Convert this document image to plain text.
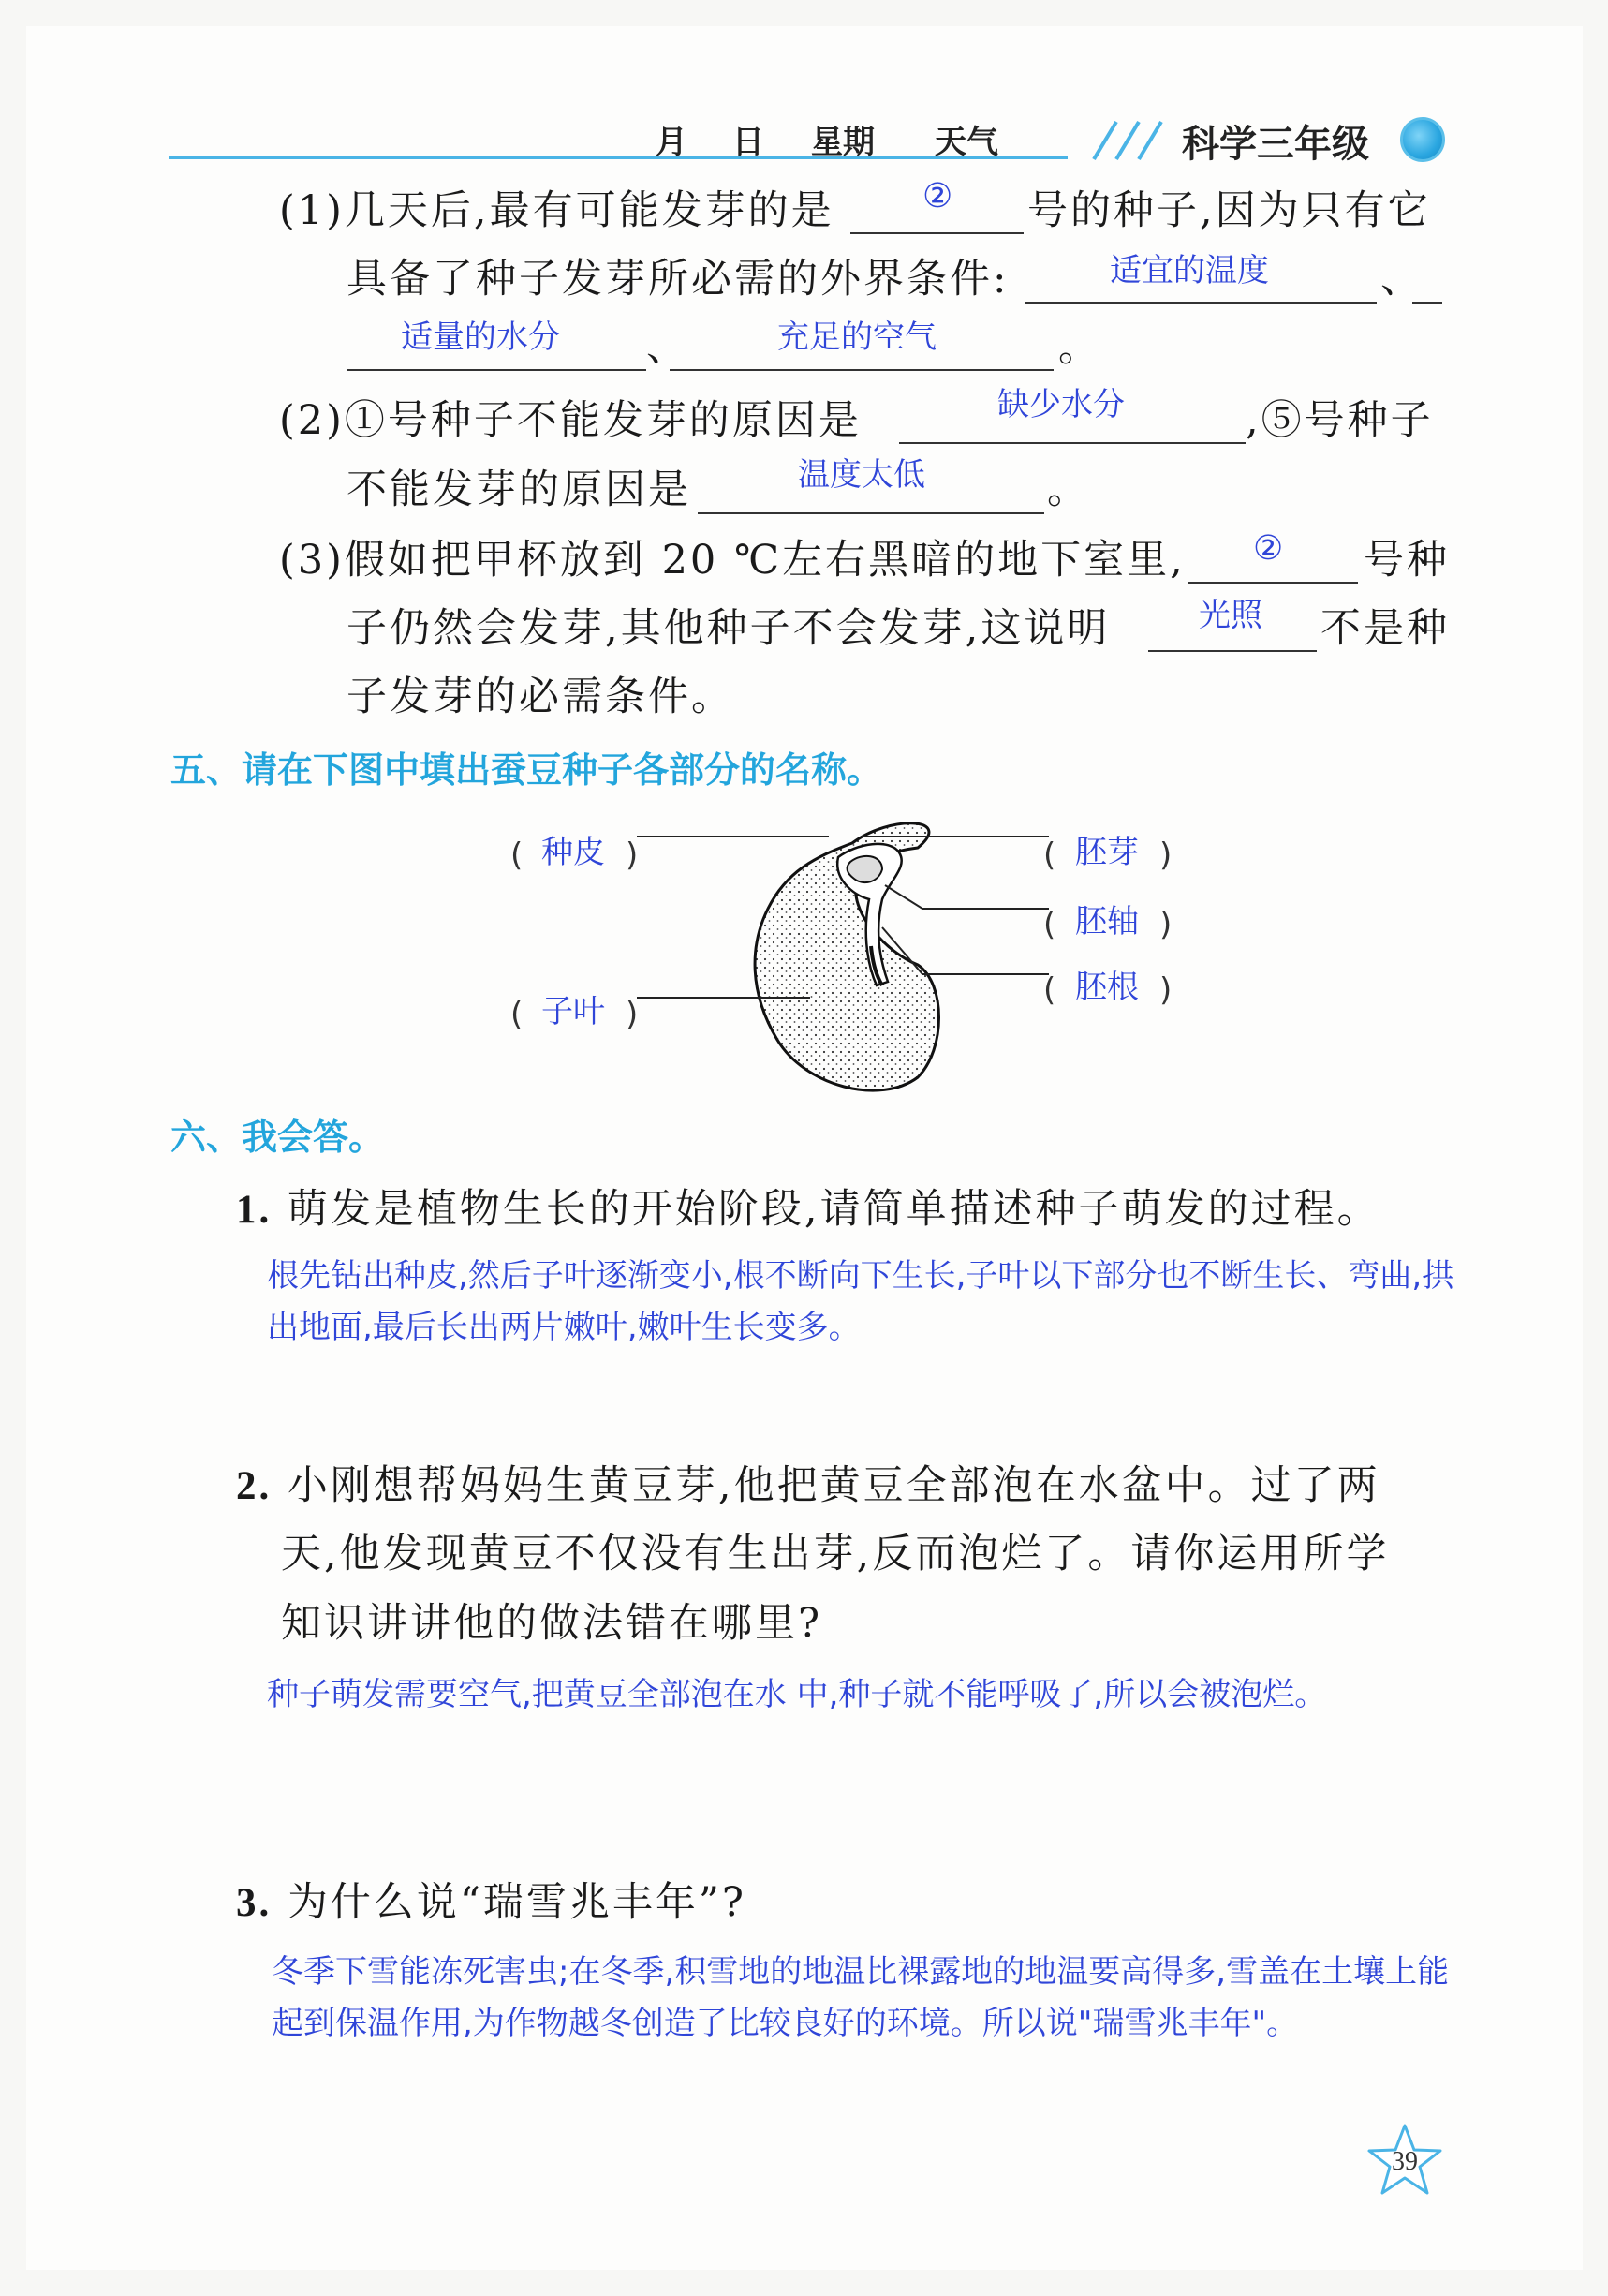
月 日 星期 天气	科学三年级
(1)几天后,最有可能发芽的是	② 号的种子,因为只有它
具备了种子发芽所必需的外界条件:	适宜的温度	、
适量的水分 、	充足的空气	。
(2)①号种子不能发芽的原因是	缺少水分	,⑤号种子
不能发芽的原因是	温度太低	。
(3)假如把甲杯放到 20 ℃左右黑暗的地下室里, ② 号种
子仍然会发芽,其他种子不会发芽,这说明	光照 不是种
子发芽的必需条件。
五、请在下图中填出蚕豆种子各部分的名称。
( 种皮 )
( 子叶 )
( 胚芽 )
( 胚轴 )
( 胚根 )
六、我会答。
1. 萌发是植物生长的开始阶段,请简单描述种子萌发的过程。
根先钻出种皮,然后子叶逐渐变小,根不断向下生长,子叶以下部分也不断生长、弯曲,拱出地面,最后长出两片嫩叶,嫩叶生长变多。
2. 小刚想帮妈妈生黄豆芽,他把黄豆全部泡在水盆中。过了两
天,他发现黄豆不仅没有生出芽,反而泡烂了。请你运用所学
知识讲讲他的做法错在哪里?
种子萌发需要空气,把黄豆全部泡在水 中,种子就不能呼吸了,所以会被泡烂。
3. 为什么说“瑞雪兆丰年”?
冬季下雪能冻死害虫;在冬季,积雪地的地温比裸露地的地温要高得多,雪盖在土壤上能起到保温作用,为作物越冬创造了比较良好的环境。所以说"瑞雪兆丰年"。
39
